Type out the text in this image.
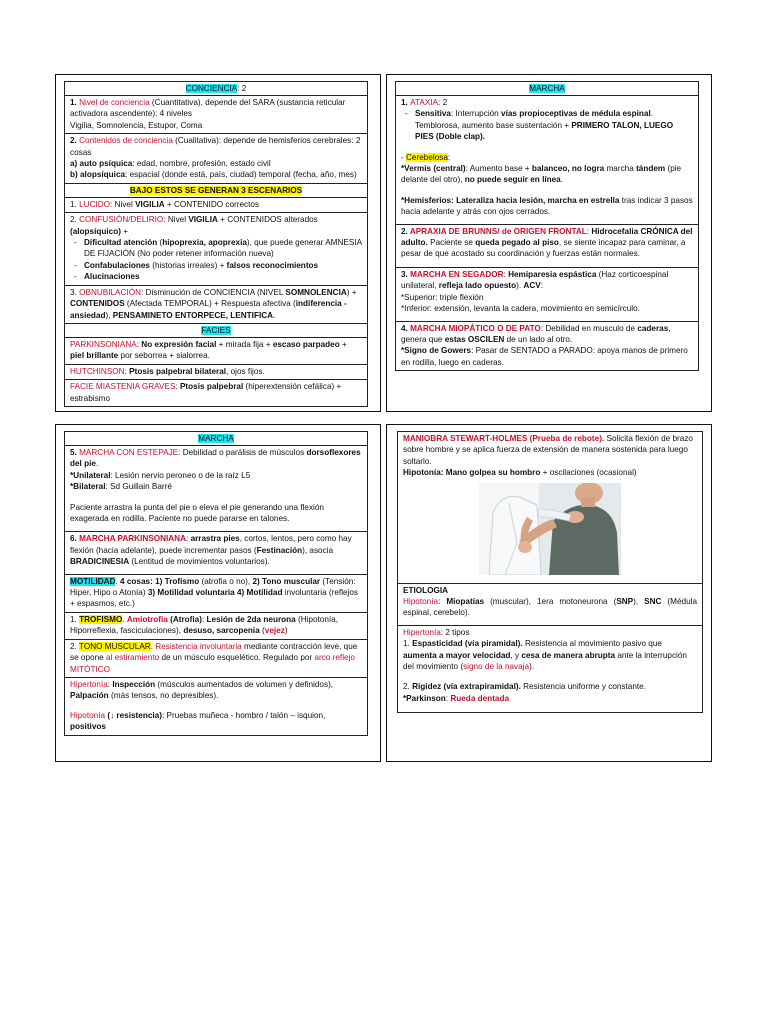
CONCIENCIA: 2
1. Nivel de conciencia (Cuantitativa), depende del SARA (sustancia reticular activadora ascendente): 4 niveles
Vigilia, Somnolencia, Estupor, Coma
2. Contenidos de conciencia (Cualitativa): depende de hemisferios cerebrales: 2 cosas
a) auto psíquica: edad, nombre, profesión, estado civil
b) alopsíquica: espacial (donde está, país, ciudad) temporal (fecha, año, mes)
BAJO ESTOS SE GENERAN 3 ESCENARIOS
1. LUCIDO: Nivel VIGILIA + CONTENIDO correctos
2. CONFUSIÓN/DELIRIO: Nivel VIGILIA + CONTENIDOS alterados (alopsíquico) +
- Dificultad atención (hipoprexia, apoprexia), que puede generar AMNESIA DE FIJACIÓN (No poder retener información nueva)
- Confabulaciones (historias irreales) + falsos reconocimientos
- Alucinaciones
3. OBNUBILACIÓN: Disminución de CONCIENCIA (NIVEL SOMNOLENCIA) + CONTENIDOS (Afectada TEMPORAL) + Respuesta afectiva (indiferencia - ansiedad), PENSAMINETO ENTORPECE, LENTIFICA.
FACIES
PARKINSONIANA: No expresión facial + mirada fija + escaso parpadeo + piel brillante por seborrea + sialorrea.
HUTCHINSON: Ptosis palpebral bilateral, ojos fijos.
FACIE MIASTENIA GRAVES: Ptosis palpebral (hiperextensión cefálica) + estrabismo
MARCHA
1. ATAXIA: 2
- Sensitiva: Interrupción vías propioceptivas de médula espinal. Temblorosa, aumento base sustentación + PRIMERO TALON, LUEGO PIES (Doble clap).
- Cerebelosa:
*Vermis (central): Aumento base + balanceo, no logra marcha tándem (pie delante del otro), no puede seguir en línea.
*Hemisferios: Lateraliza hacia lesión, marcha en estrella tras indicar 3 pasos hacia adelante y atrás con ojos cerrados.
2. APRAXIA DE BRUNNS/ de ORIGEN FRONTAL: Hidrocefalia CRÓNICA del adulto. Paciente se queda pegado al piso, se siente incapaz para caminar, a pesar de que acostado su coordinación y fuerzas están normales.
3. MARCHA EN SEGADOR: Hemiparesia espástica (Haz corticoespinal unilateral, refleja lado opuesto). ACV:
*Superior: triple flexión
*Inferior: extensión, levanta la cadera, movimiento en semicírculo.
4. MARCHA MIOPÁTICO O DE PATO: Debilidad en musculo de caderas, genera que estas OSCILEN de un lado al otro.
*Signo de Gowers: Pasar de SENTADO a PARADO: apoya manos de primero en rodilla, luego en caderas.
MARCHA
5. MARCHA CON ESTEPAJE: Debilidad o parálisis de músculos dorsoflexores del pie.
*Unilateral: Lesión nervio peroneo o de la raíz L5
*Bilateral: Sd Guillain Barré
Paciente arrastra la punta del pie o eleva el pie generando una flexión exagerada en rodilla. Paciente no puede pararse en talones.
6. MARCHA PARKINSONIANA: arrastra pies, cortos, lentos, pero como hay flexión (hacia adelante), puede incrementar pasos (Festinación), asocia BRADICINESIA (Lentitud de movimientos voluntarios).
MOTILIDAD. 4 cosas: 1) Trofismo (atrofia o no), 2) Tono muscular (Tensión: Hiper, Hipo o Atonía) 3) Motilidad voluntaria 4) Motilidad involuntaria (reflejos + espasmos, etc.)
1. TROFISMO. Amiotrofia (Atrofia): Lesión de 2da neurona (Hipotonía, Hiporreflexia, fasciculaciones), desuso, sarcopenia (vejez)
2. TONO MUSCULAR. Resistencia involuntaria mediante contracción leve, que se opone al estiramiento de un músculo esquelético. Regulado por arco reflejo MITÓTICO
Hipertonía: Inspección (músculos aumentados de volumen y definidos), Palpación (más tensos, no depresibles).
Hipotonía (↓ resistencia): Pruebas muñeca - hombro / talón – isquion, positivos
MANIOBRA STEWART-HOLMES (Prueba de rebote). Solicita flexión de brazo sobre hombre y se aplica fuerza de extensión de manera sostenida para luego soltarlo.
Hipotonía: Mano golpea su hombro + oscilaciones (ocasional)
ETIOLOGIA
Hipotonía: Miopatías (muscular), 1era motoneurona (SNP), SNC (Médula espinal, cerebelo).
Hipertonía: 2 tipos
1. Espasticidad (vía piramidal). Resistencia al movimiento pasivo que aumenta a mayor velocidad, y cesa de manera abrupta ante la interrupción del movimiento (signo de la navaja).
2. Rigidez (vía extrapiramidal). Resistencia uniforme y constante.
*Parkinson: Rueda dentada
